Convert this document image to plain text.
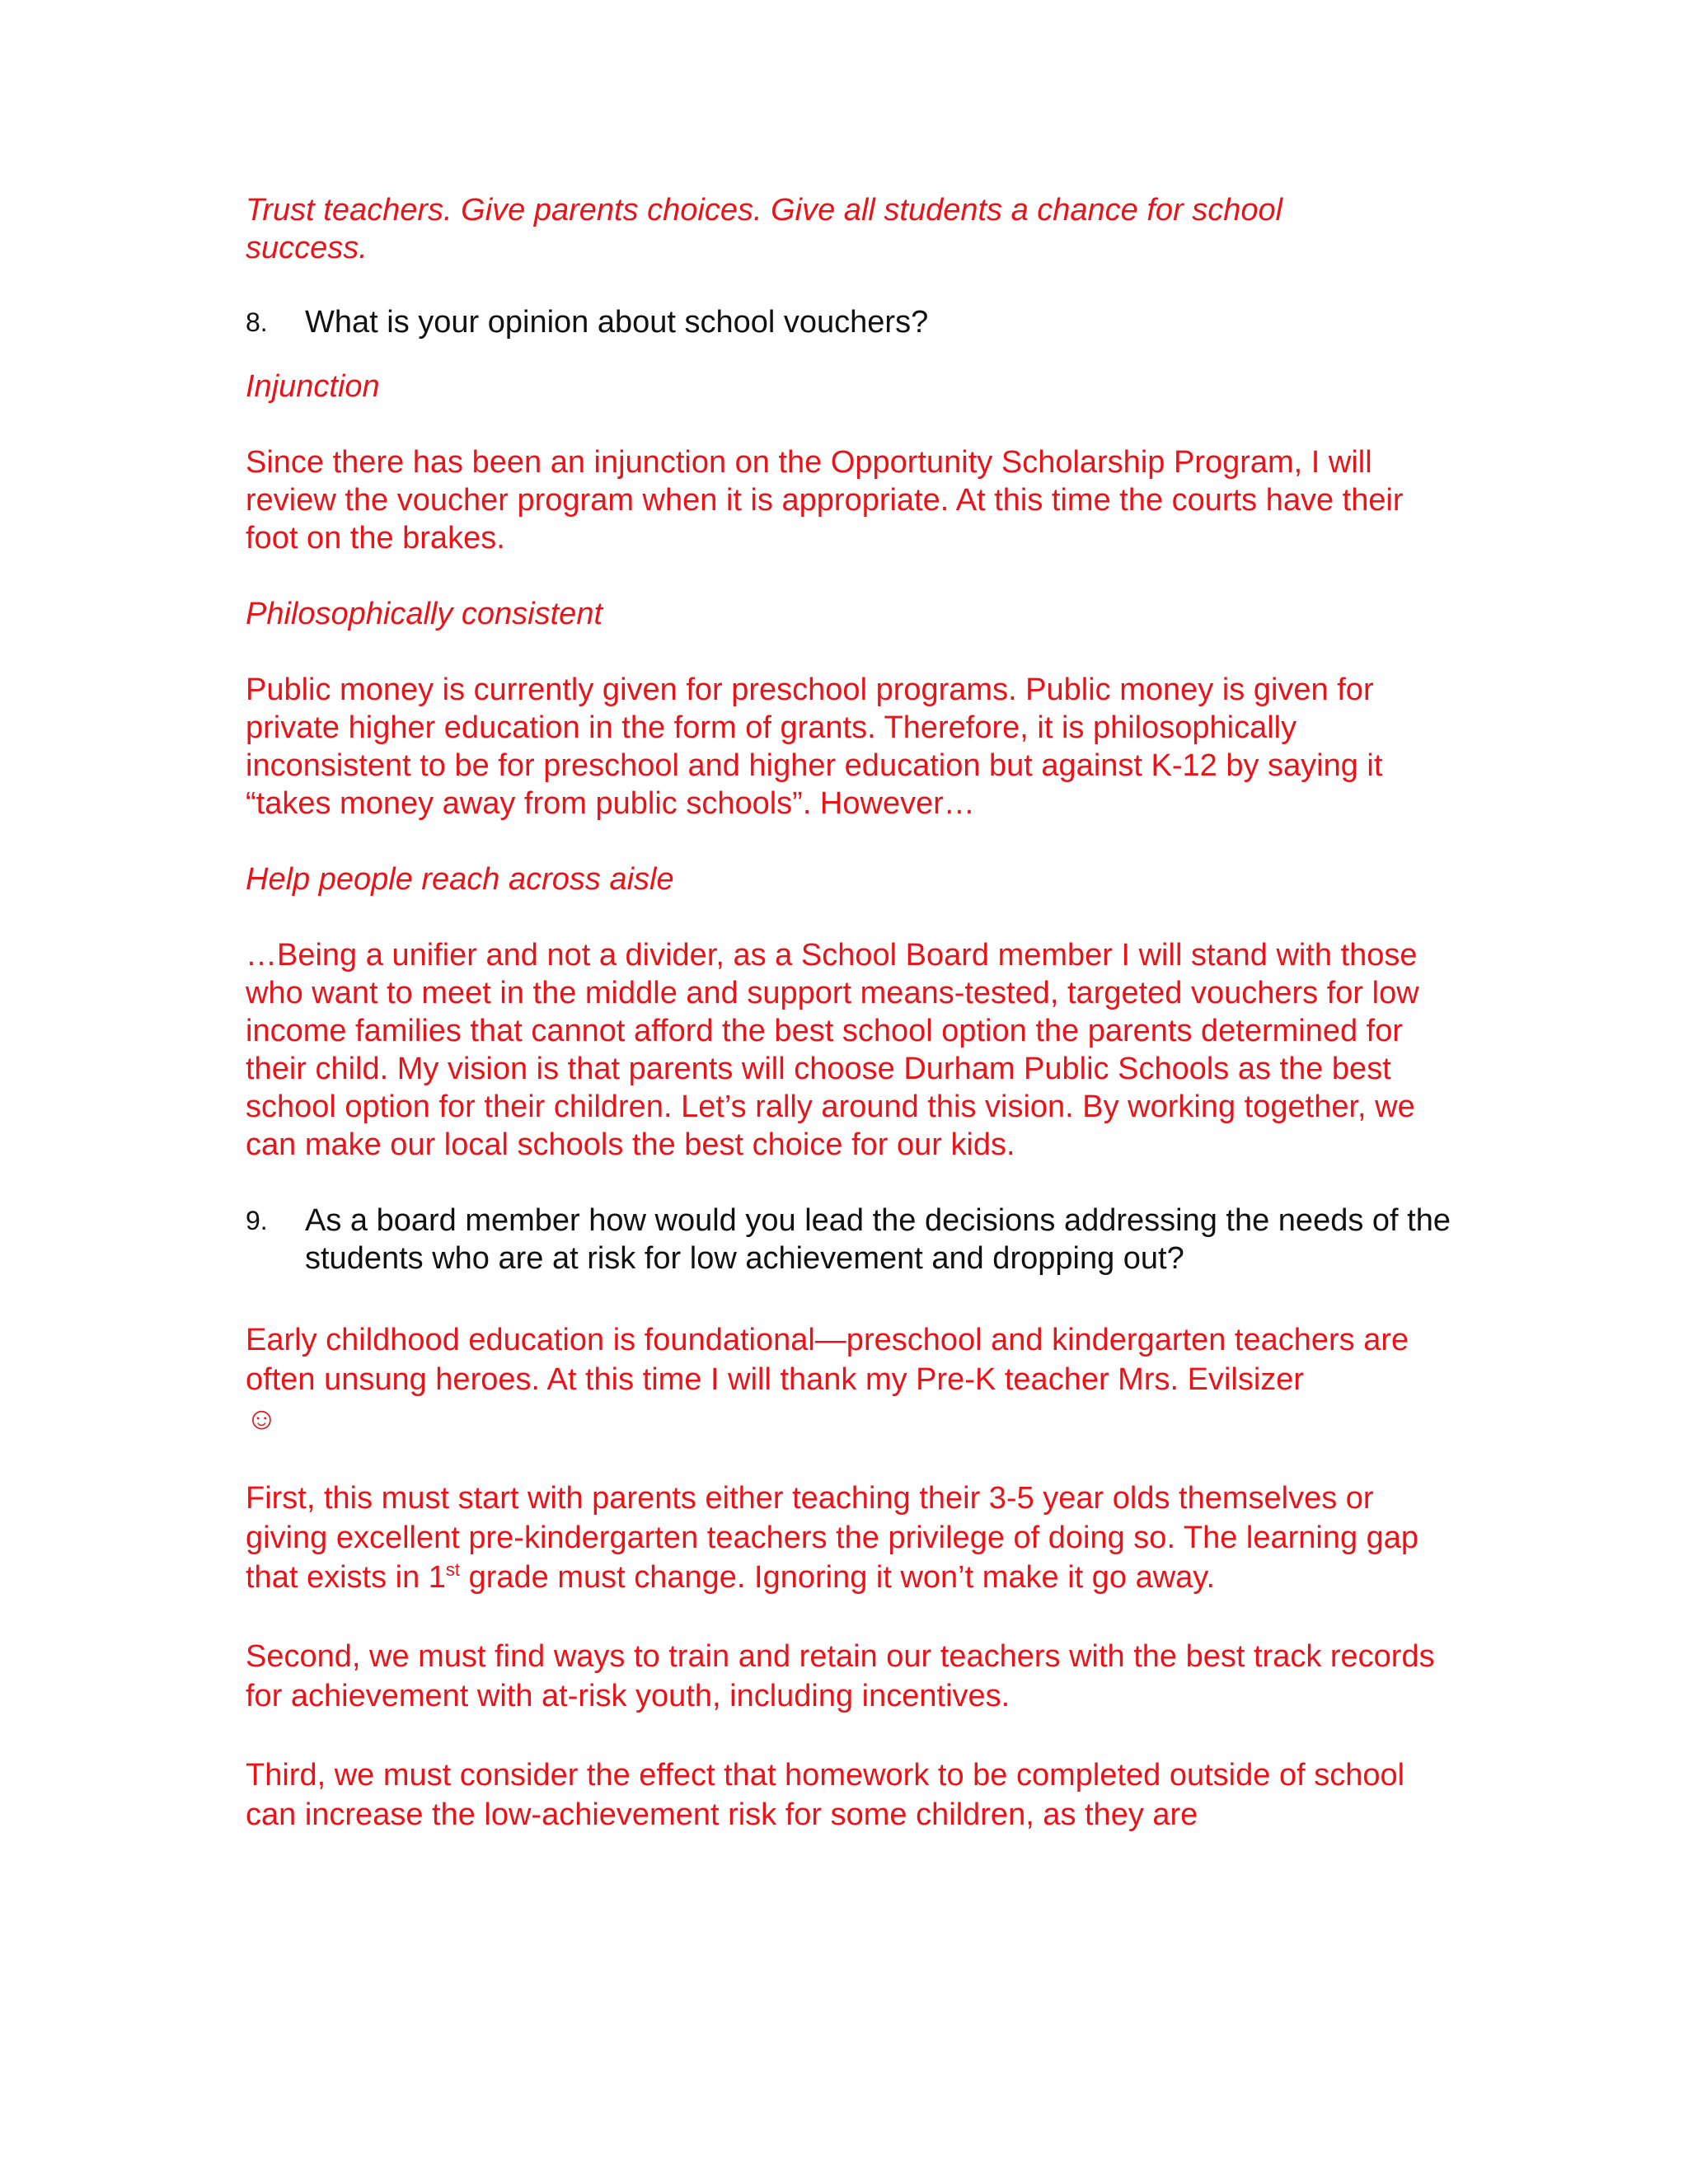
Trust teachers. Give parents choices. Give all students a chance for school success.

8. What is your opinion about school vouchers?

Injunction

Since there has been an injunction on the Opportunity Scholarship Program, I will review the voucher program when it is appropriate. At this time the courts have their foot on the brakes.

Philosophically consistent

Public money is currently given for preschool programs. Public money is given for private higher education in the form of grants. Therefore, it is philosophically inconsistent to be for preschool and higher education but against K-12 by saying it “takes money away from public schools”. However…

Help people reach across aisle

…Being a unifier and not a divider, as a School Board member I will stand with those who want to meet in the middle and support means-tested, targeted vouchers for low income families that cannot afford the best school option the parents determined for their child. My vision is that parents will choose Durham Public Schools as the best school option for their children. Let’s rally around this vision. By working together, we can make our local schools the best choice for our kids.

9. As a board member how would you lead the decisions addressing the needs of the students who are at risk for low achievement and dropping out?

Early childhood education is foundational—preschool and kindergarten teachers are often unsung heroes. At this time I will thank my Pre-K teacher Mrs. Evilsizer
☺

First, this must start with parents either teaching their 3-5 year olds themselves or giving excellent pre-kindergarten teachers the privilege of doing so. The learning gap that exists in 1st grade must change. Ignoring it won’t make it go away.

Second, we must find ways to train and retain our teachers with the best track records for achievement with at-risk youth, including incentives.

Third, we must consider the effect that homework to be completed outside of school can increase the low-achievement risk for some children, as they are
